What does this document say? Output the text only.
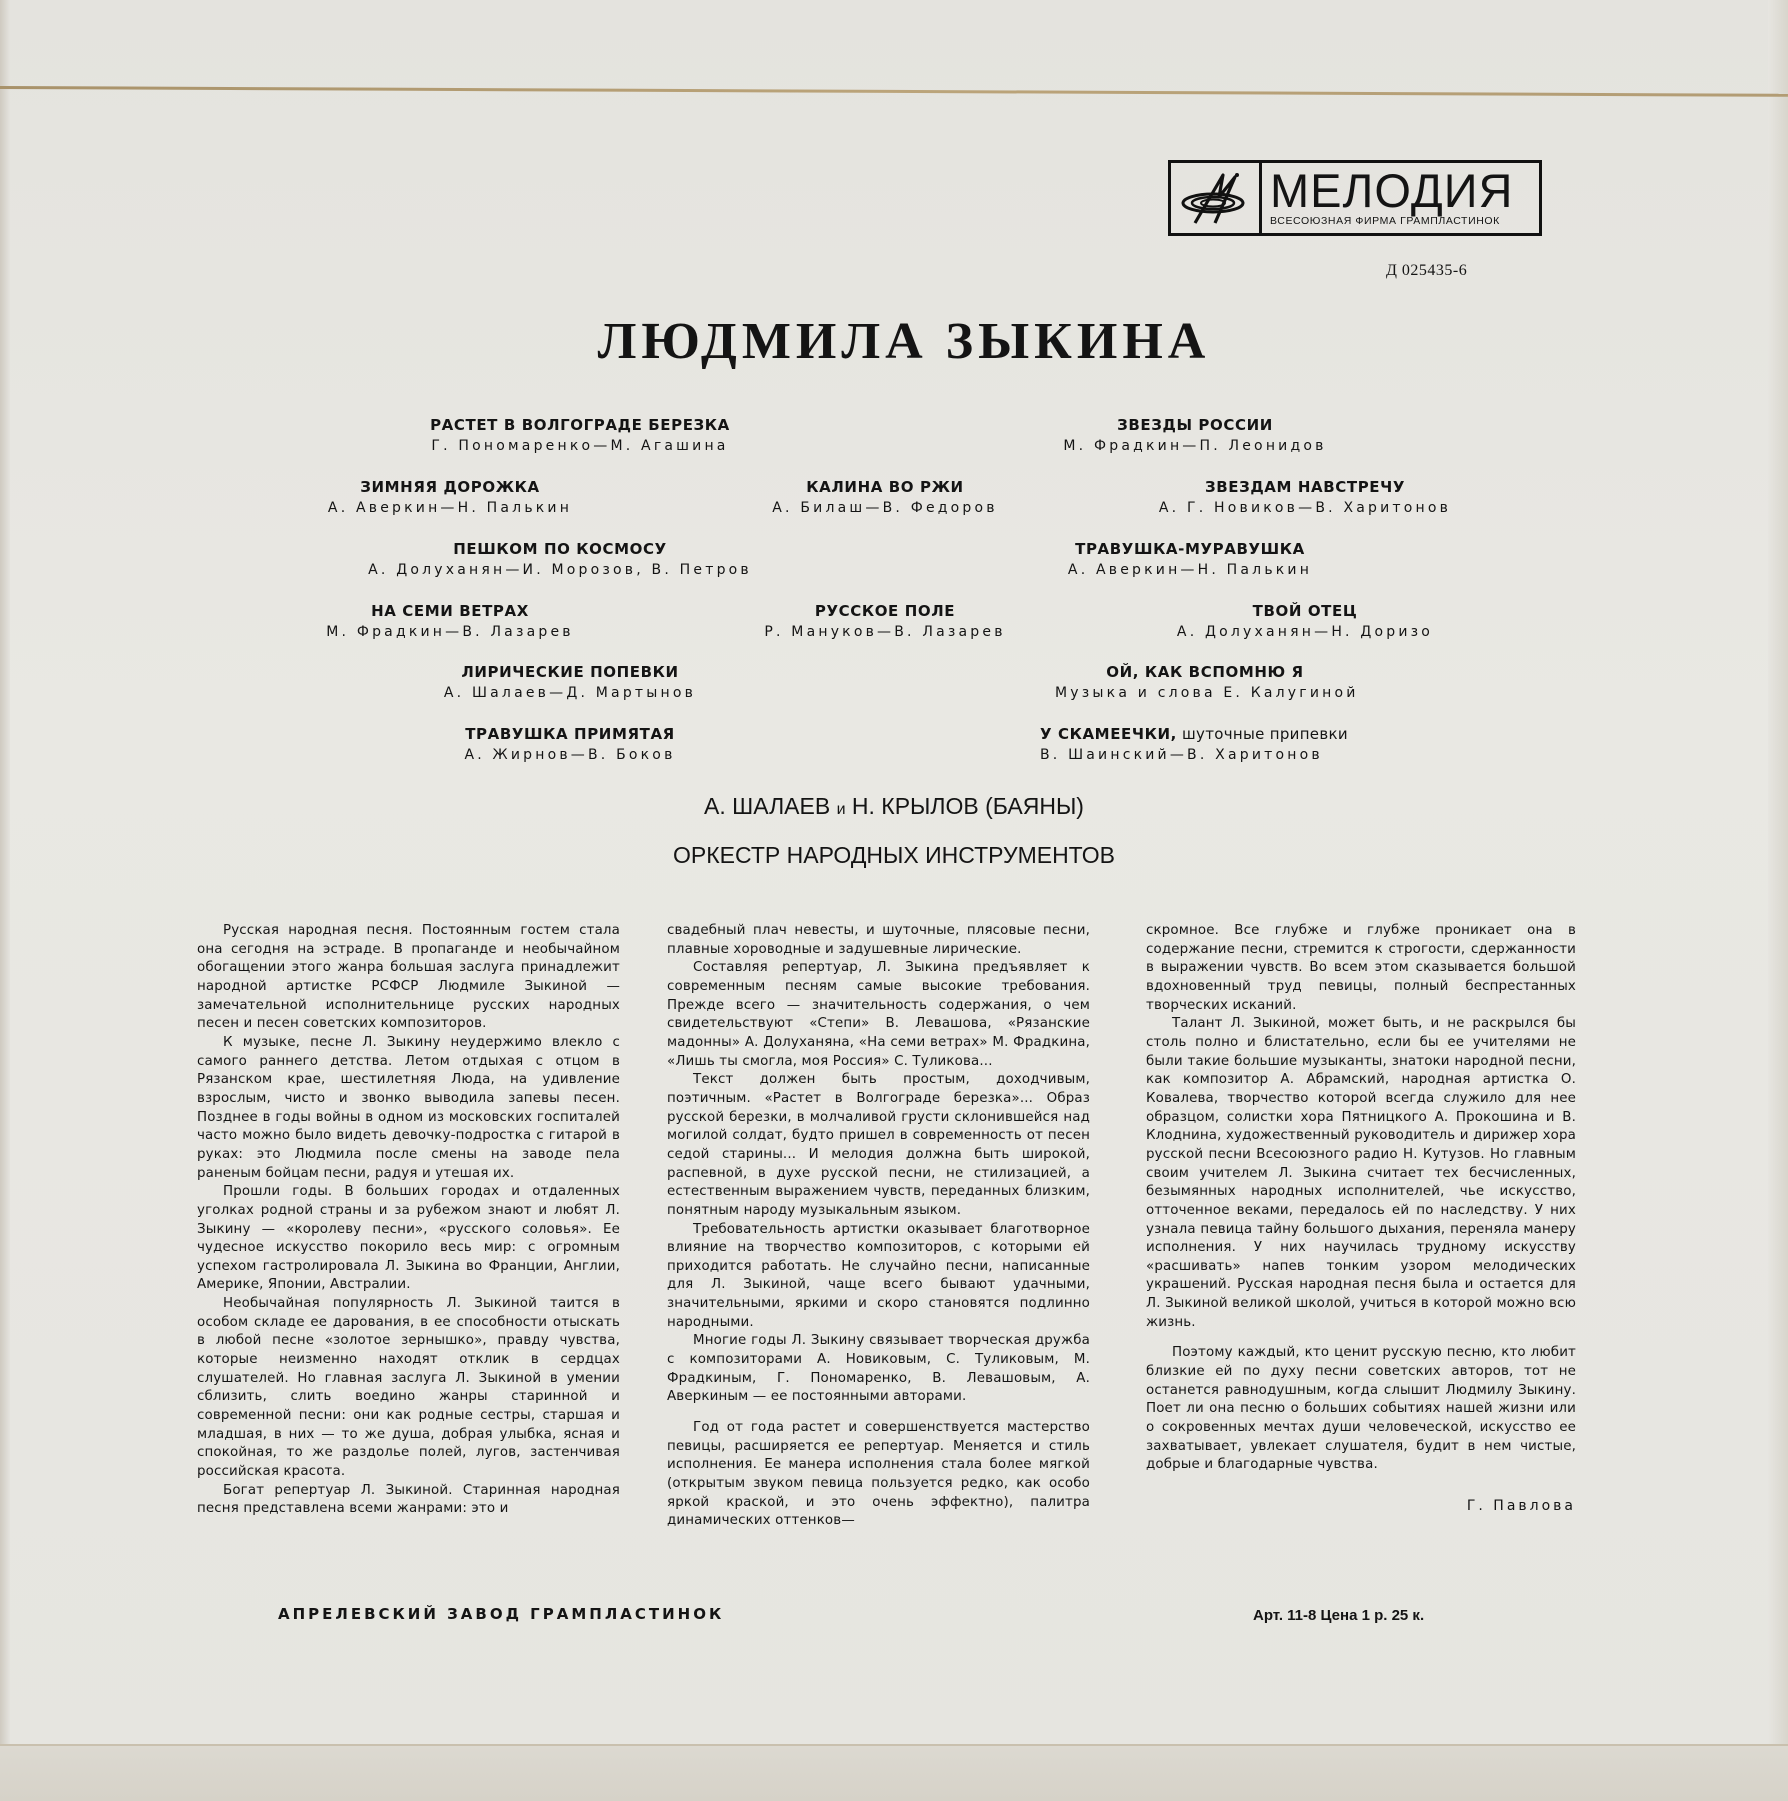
МЕЛОДИЯ
ВСЕСОЮЗНАЯ ФИРМА ГРАМПЛАСТИНОК
Д 025435-6
ЛЮДМИЛА ЗЫКИНА
РАСТЕТ В ВОЛГОГРАДЕ БЕРЕЗКА
Г. Пономаренко—М. Агашина
ЗИМНЯЯ ДОРОЖКА
А. Аверкин—Н. Палькин
ПЕШКОМ ПО КОСМОСУ
А. Долуханян—И. Морозов, В. Петров
НА СЕМИ ВЕТРАХ
М. Фрадкин—В. Лазарев
ЛИРИЧЕСКИЕ ПОПЕВКИ
А. Шалаев—Д. Мартынов
ТРАВУШКА ПРИМЯТАЯ
А. Жирнов—В. Боков
КАЛИНА ВО РЖИ
А. Билаш—В. Федоров
РУССКОЕ ПОЛЕ
Р. Мануков—В. Лазарев
ЗВЕЗДЫ РОССИИ
М. Фрадкин—П. Леонидов
ЗВЕЗДАМ НАВСТРЕЧУ
А. Г. Новиков—В. Харитонов
ТРАВУШКА-МУРАВУШКА
А. Аверкин—Н. Палькин
ТВОЙ ОТЕЦ
А. Долуханян—Н. Доризо
ОЙ, КАК ВСПОМНЮ Я
Музыка и слова Е. Калугиной
У СКАМЕЕЧКИ, шуточные припевки
В. Шаинский—В. Харитонов
А. ШАЛАЕВ и Н. КРЫЛОВ (БАЯНЫ)
ОРКЕСТР НАРОДНЫХ ИНСТРУМЕНТОВ

Русская народная песня. Постоянным гостем стала она сегодня на эстраде. В пропаганде и необычайном обогащении этого жанра большая заслуга принадлежит народной артистке РСФСР Людмиле Зыкиной — замечательной исполнительнице русских народных песен и песен советских композиторов.

К музыке, песне Л. Зыкину неудержимо влекло с самого раннего детства. Летом отдыхая с отцом в Рязанском крае, шестилетняя Люда, на удивление взрослым, чисто и звонко выводила запевы песен. Позднее в годы войны в одном из московских госпиталей часто можно было видеть девочку-подростка с гитарой в руках: это Людмила после смены на заводе пела раненым бойцам песни, радуя и утешая их.

Прошли годы. В больших городах и отдаленных уголках родной страны и за рубежом знают и любят Л. Зыкину — «королеву песни», «русского соловья». Ее чудесное искусство покорило весь мир: с огромным успехом гастролировала Л. Зыкина во Франции, Англии, Америке, Японии, Австралии.

Необычайная популярность Л. Зыкиной таится в особом складе ее дарования, в ее способности отыскать в любой песне «золотое зернышко», правду чувства, которые неизменно находят отклик в сердцах слушателей. Но главная заслуга Л. Зыкиной в умении сблизить, слить воедино жанры старинной и современной песни: они как родные сестры, старшая и младшая, в них — то же душа, добрая улыбка, ясная и спокойная, то же раздолье полей, лугов, застенчивая российская красота.

Богат репертуар Л. Зыкиной. Старинная народная песня представлена всеми жанрами: это и

свадебный плач невесты, и шуточные, плясовые песни, плавные хороводные и задушевные лирические.

Составляя репертуар, Л. Зыкина предъявляет к современным песням самые высокие требования. Прежде всего — значительность содержания, о чем свидетельствуют «Степи» В. Левашова, «Рязанские мадонны» А. Долуханяна, «На семи ветрах» М. Фрадкина, «Лишь ты смогла, моя Россия» С. Туликова...

Текст должен быть простым, доходчивым, поэтичным. «Растет в Волгограде березка»... Образ русской березки, в молчаливой грусти склонившейся над могилой солдат, будто пришел в современность от песен седой старины... И мелодия должна быть широкой, распевной, в духе русской песни, не стилизацией, а естественным выражением чувств, переданных близким, понятным народу музыкальным языком.

Требовательность артистки оказывает благотворное влияние на творчество композиторов, с которыми ей приходится работать. Не случайно песни, написанные для Л. Зыкиной, чаще всего бывают удачными, значительными, яркими и скоро становятся подлинно народными.

Многие годы Л. Зыкину связывает творческая дружба с композиторами А. Новиковым, С. Туликовым, М. Фрадкиным, Г. Пономаренко, В. Левашовым, А. Аверкиным — ее постоянными авторами.

Год от года растет и совершенствуется мастерство певицы, расширяется ее репертуар. Меняется и стиль исполнения. Ее манера исполнения стала более мягкой (открытым звуком певица пользуется редко, как особо яркой краской, и это очень эффектно), палитра динамических оттенков—

скромное. Все глубже и глубже проникает она в содержание песни, стремится к строгости, сдержанности в выражении чувств. Во всем этом сказывается большой вдохновенный труд певицы, полный беспрестанных творческих исканий.

Талант Л. Зыкиной, может быть, и не раскрылся бы столь полно и блистательно, если бы ее учителями не были такие большие музыканты, знатоки народной песни, как композитор А. Абрамский, народная артистка О. Ковалева, творчество которой всегда служило для нее образцом, солистки хора Пятницкого А. Прокошина и В. Клоднина, художественный руководитель и дирижер хора русской песни Всесоюзного радио Н. Кутузов. Но главным своим учителем Л. Зыкина считает тех бесчисленных, безымянных народных исполнителей, чье искусство, отточенное веками, передалось ей по наследству. У них узнала певица тайну большого дыхания, переняла манеру исполнения. У них научилась трудному искусству «расшивать» напев тонким узором мелодических украшений. Русская народная песня была и остается для Л. Зыкиной великой школой, учиться в которой можно всю жизнь.

Поэтому каждый, кто ценит русскую песню, кто любит близкие ей по духу песни советских авторов, тот не останется равнодушным, когда слышит Людмилу Зыкину. Поет ли она песню о больших событиях нашей жизни или о сокровенных мечтах души человеческой, искусство ее захватывает, увлекает слушателя, будит в нем чистые, добрые и благодарные чувства.

Г. Павлова

АПРЕЛЕВСКИЙ ЗАВОД ГРАМПЛАСТИНОК	Арт. 11-8 Цена 1 р. 25 к.
